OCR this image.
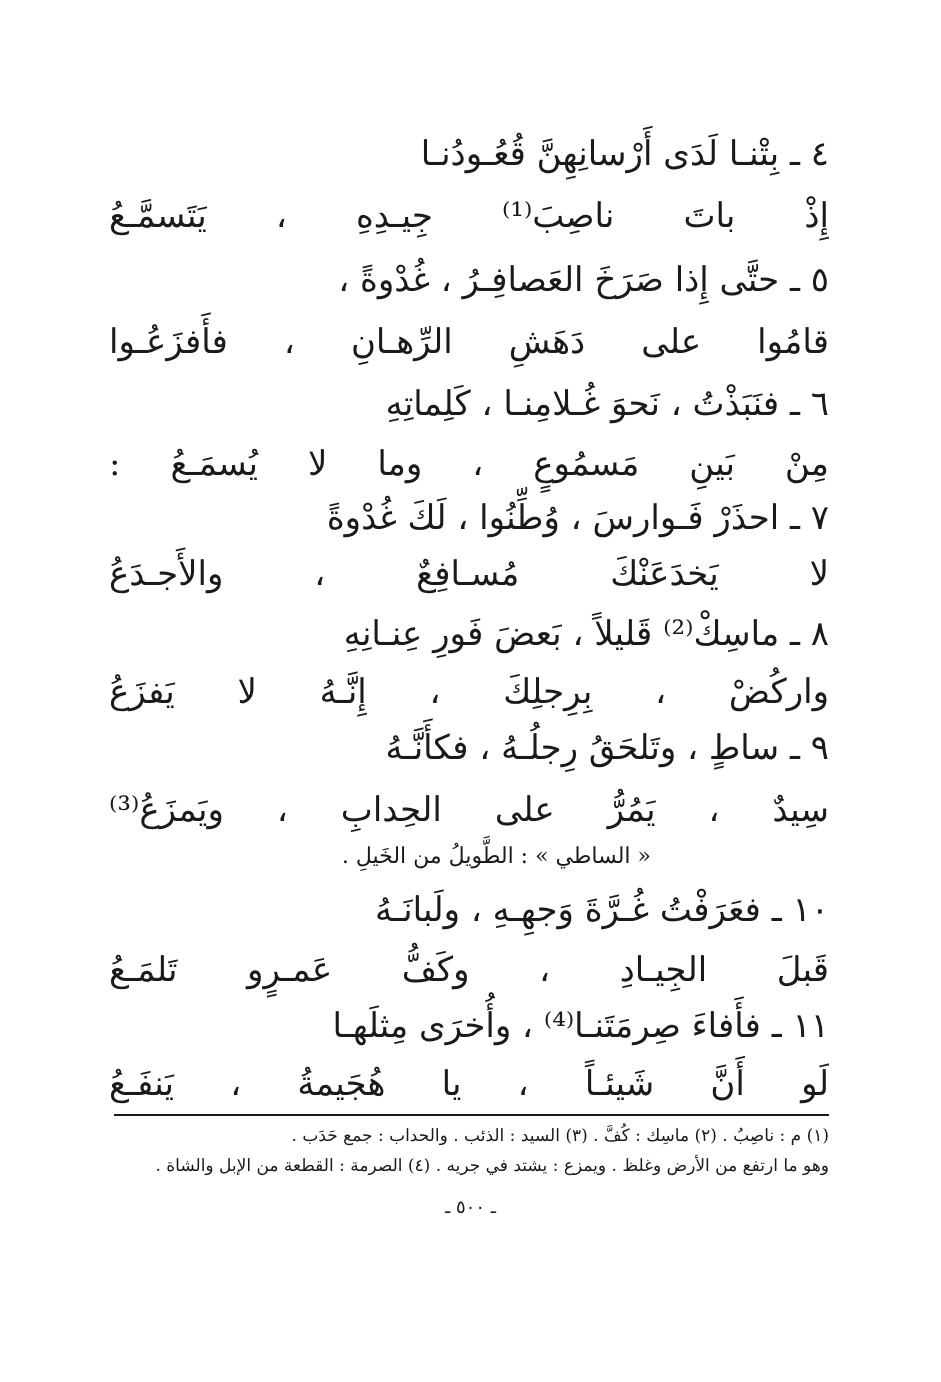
٤ ـ بِتْنـا لَدَى أَرْسانِهِنَّ قُعُـودُنـا
إِذْ باتَ ناصِبَ⁽¹⁾ جِيـدِهِ ، يَتَسمَّـعُ
٥ ـ حتَّى إِذا صَرَخَ العَصافِـرُ ، غُدْوةً ،
قامُوا على دَهَشِ الرِّهـانِ ، فأَفزَعُـوا
٦ ـ فنَبَذْتُ ، نَحوَ غُـلامِنـا ، كَلِماتِهِ
مِنْ بَينِ مَسمُوعٍ ، وما لا يُسمَـعُ :
٧ ـ احذَرْ فَـوارسَ ، وُطِّنُوا ، لَكَ غُدْوةً
لا يَخدَعَنْكَ مُسـافِعٌ ، والأَجـدَعُ
٨ ـ ماسِكْ⁽²⁾ قَليلاً ، بَعضَ فَورِ عِنـانِهِ
واركُضْ ، بِرِجلِكَ ، إِنَّـهُ لا يَفزَعُ
٩ ـ ساطٍ ، وتَلحَقُ رِجلُـهُ ، فكأَنَّـهُ
سِيدٌ ، يَمُرُّ على الحِدابِ ، ويَمزَعُ⁽³⁾
« الساطي » : الطَّويلُ من الخَيلِ .
١٠ ـ فعَرَفْتُ غُـرَّةَ وَجهِـهِ ، ولَبانَـهُ
قَبلَ الجِيـادِ ، وكَفُّ عَمـرٍو تَلمَـعُ
١١ ـ فأَفاءَ صِرمَتَنـا⁽⁴⁾ ، وأُخرَى مِثلَهـا
لَو أَنَّ شَيئـاً ، يا هُجَيمةُ ، يَنفَـعُ
(١) م : ناصِبُ . (٢) ماسِك : كُفَّ . (٣) السيد : الذئب . والحداب : جمع حَدَب .
وهو ما ارتفع من الأرض وغلظ . ويمزع : يشتد في جريه . (٤) الصرمة : القطعة من الإبل والشاة .
ـ ٥٠٠ ـ
